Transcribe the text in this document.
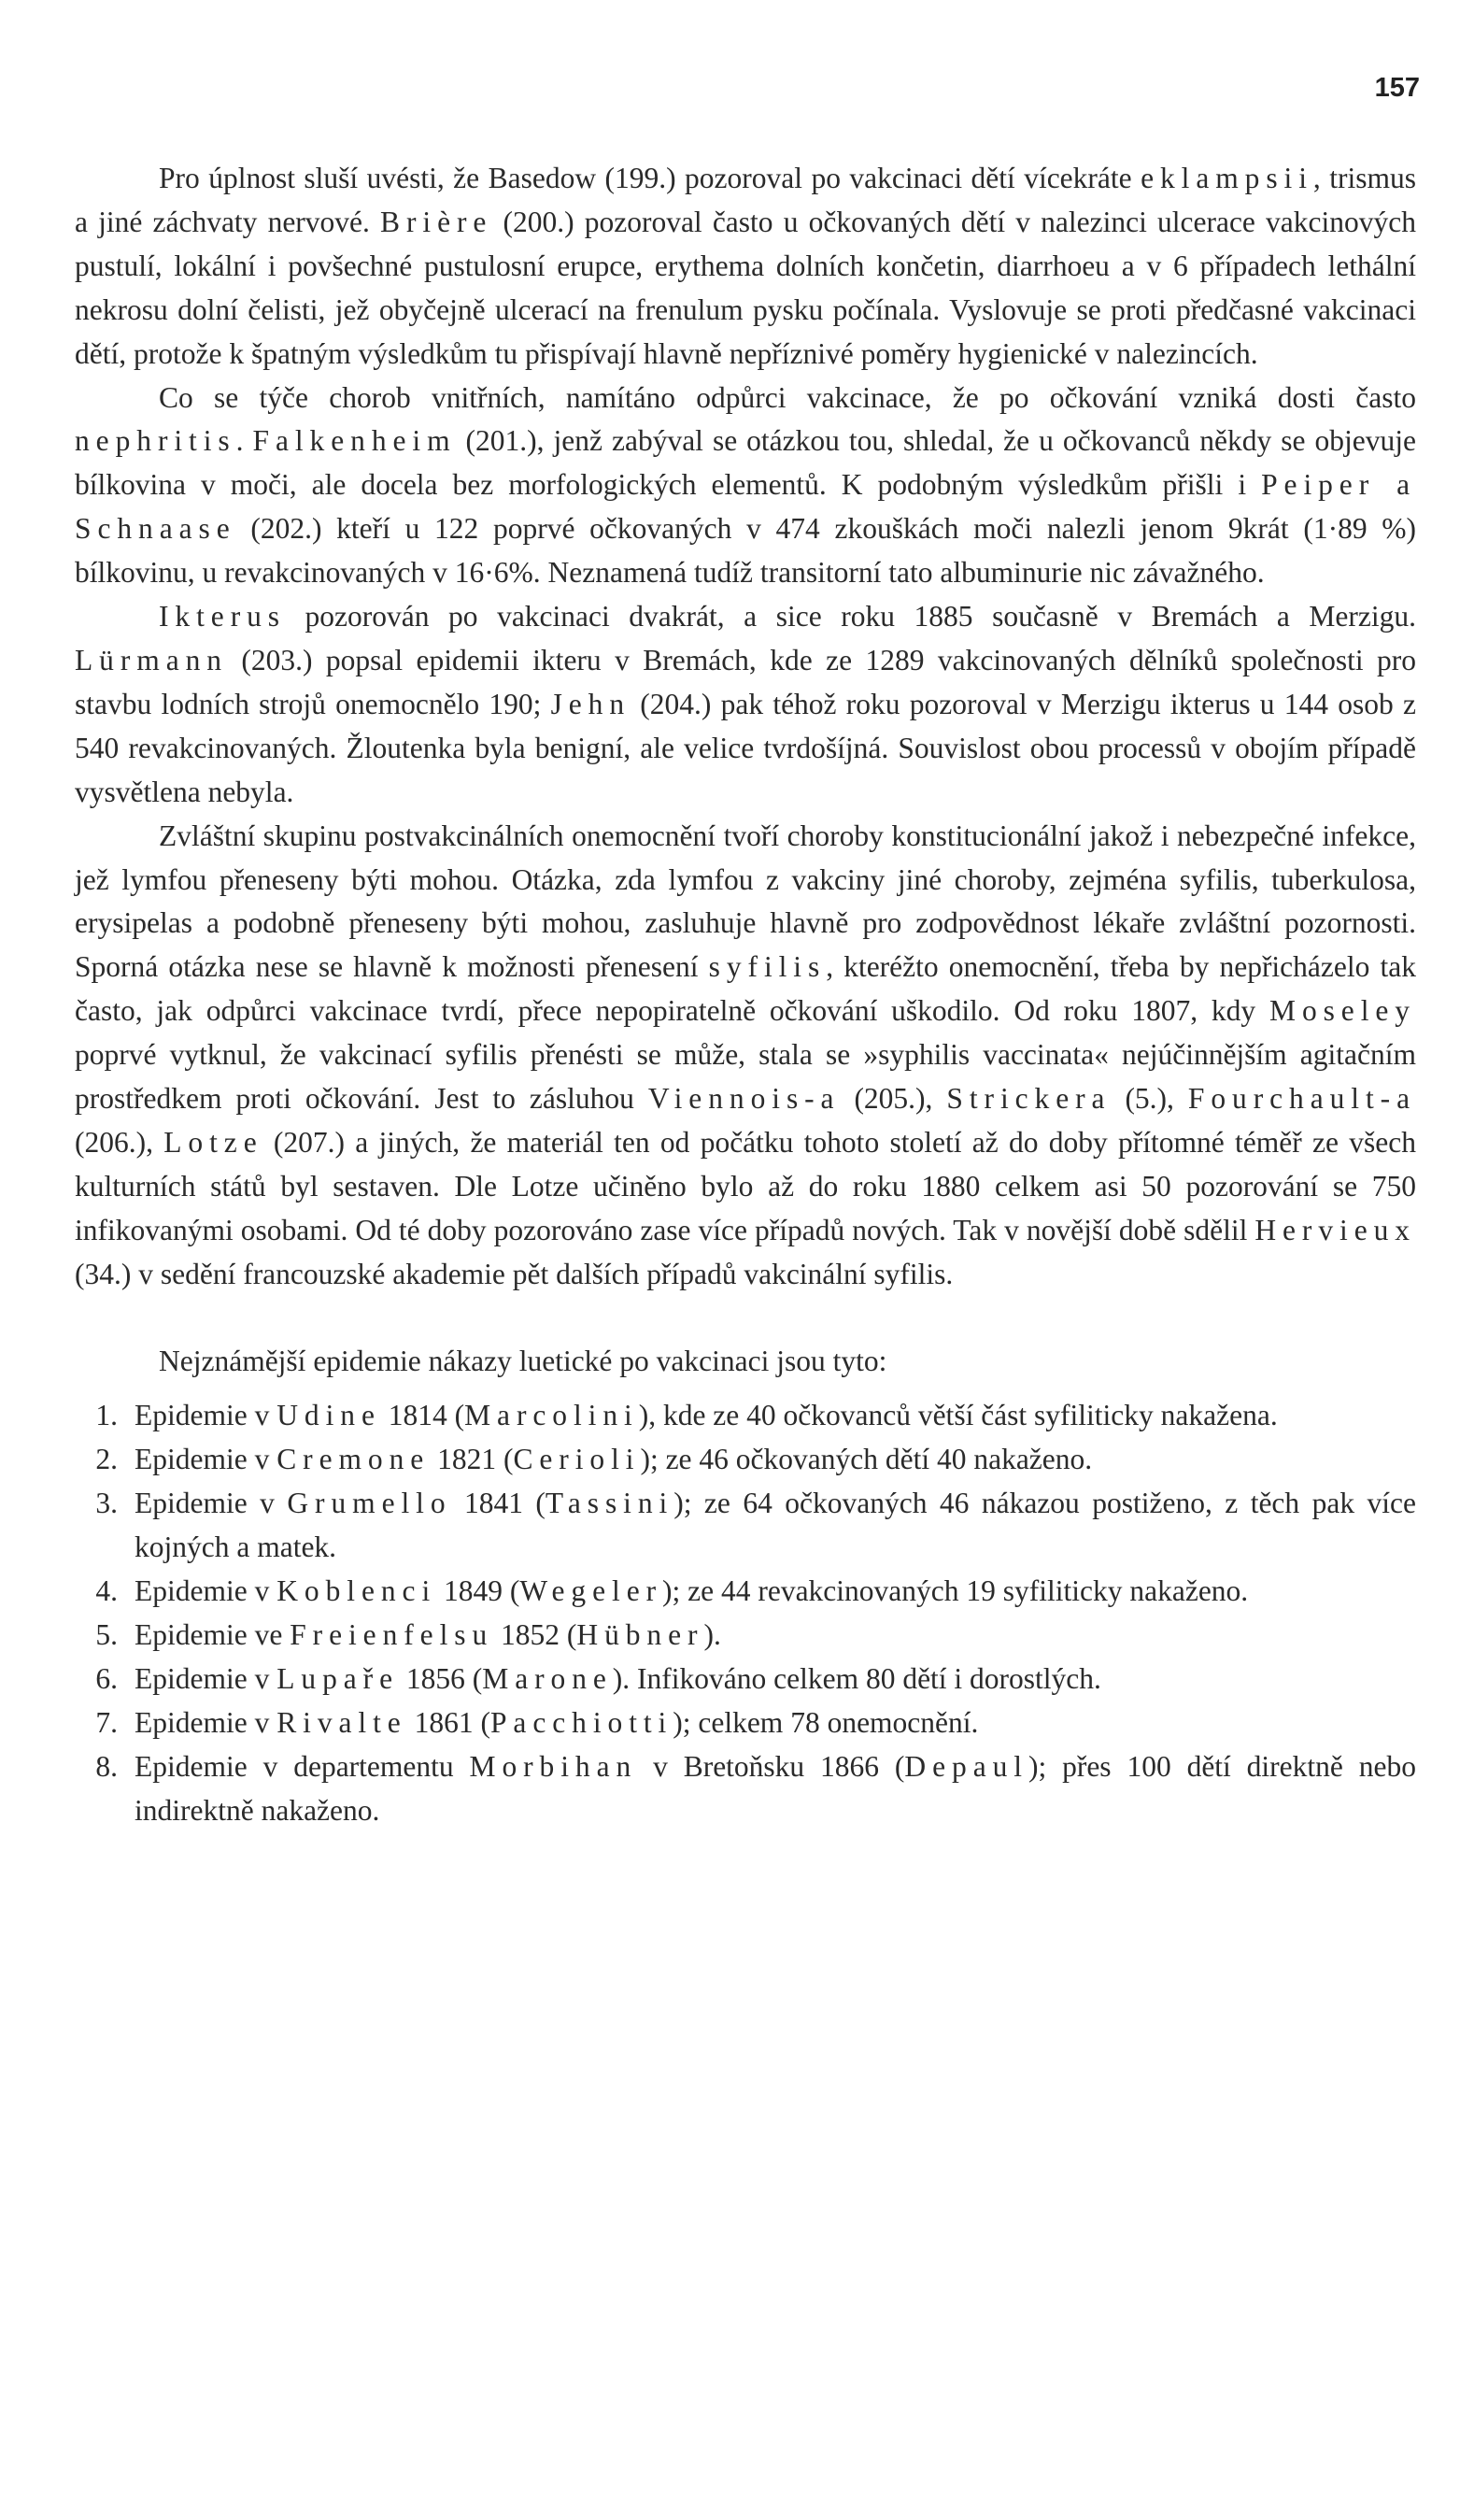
157

Pro úplnost sluší uvésti, že Basedow (199.) pozoroval po vakcinaci dětí vícekráte eklampsii, trismus a jiné záchvaty nervové. Brière (200.) pozoroval často u očkovaných dětí v nalezinci ulcerace vakcinových pustulí, lokální i povšechné pustulosní erupce, erythema dolních končetin, diarrhoeu a v 6 případech lethální nekrosu dolní čelisti, jež obyčejně ulcerací na frenulum pysku počínala. Vyslovuje se proti předčasné vakcinaci dětí, protože k špatným výsledkům tu přispívají hlavně nepříznivé poměry hygienické v nalezincích.

Co se týče chorob vnitřních, namítáno odpůrci vakcinace, že po očkování vzniká dosti často nephritis. Falkenheim (201.), jenž zabýval se otázkou tou, shledal, že u očkovanců někdy se objevuje bílkovina v moči, ale docela bez morfologických elementů. K podobným výsledkům přišli i Peiper a Schnaase (202.) kteří u 122 poprvé očkovaných v 474 zkouškách moči nalezli jenom 9krát (1·89 %) bílkovinu, u revakcinovaných v 16·6%. Neznamená tudíž transitorní tato albuminurie nic závažného.

Ikterus pozorován po vakcinaci dvakrát, a sice roku 1885 současně v Bremách a Merzigu. Lürmann (203.) popsal epidemii ikteru v Bremách, kde ze 1289 vakcinovaných dělníků společnosti pro stavbu lodních strojů onemocnělo 190; Jehn (204.) pak téhož roku pozoroval v Merzigu ikterus u 144 osob z 540 revakcinovaných. Žloutenka byla benigní, ale velice tvrdošíjná. Souvislost obou processů v obojím případě vysvětlena nebyla.

Zvláštní skupinu postvakcinálních onemocnění tvoří choroby konstitucionální jakož i nebezpečné infekce, jež lymfou přeneseny býti mohou. Otázka, zda lymfou z vakciny jiné choroby, zejména syfilis, tuberkulosa, erysipelas a podobně přeneseny býti mohou, zasluhuje hlavně pro zodpovědnost lékaře zvláštní pozornosti. Sporná otázka nese se hlavně k možnosti přenesení syfilis, kteréžto onemocnění, třeba by nepřicházelo tak často, jak odpůrci vakcinace tvrdí, přece nepopiratelně očkování uškodilo. Od roku 1807, kdy Moseley poprvé vytknul, že vakcinací syfilis přenésti se může, stala se »syphilis vaccinata« nejúčinnějším agitačním prostředkem proti očkování. Jest to zásluhou Viennois-a (205.), Strickera (5.), Fourchault-a (206.), Lotze (207.) a jiných, že materiál ten od počátku tohoto století až do doby přítomné téměř ze všech kulturních států byl sestaven. Dle Lotze učiněno bylo až do roku 1880 celkem asi 50 pozorování se 750 infikovanými osobami. Od té doby pozorováno zase více případů nových. Tak v novější době sdělil Hervieux (34.) v sedění francouzské akademie pět dalších případů vakcinální syfilis.

Nejznámější epidemie nákazy luetické po vakcinaci jsou tyto:

1. Epidemie v Udine 1814 (Marcolini), kde ze 40 očkovanců větší část syfiliticky nakažena.
2. Epidemie v Cremone 1821 (Cerioli); ze 46 očkovaných dětí 40 nakaženo.
3. Epidemie v Grumello 1841 (Tassini); ze 64 očkovaných 46 nákazou postiženo, z těch pak více kojných a matek.
4. Epidemie v Koblenci 1849 (Wegeler); ze 44 revakcinovaných 19 syfiliticky nakaženo.
5. Epidemie ve Freienfelsu 1852 (Hübner).
6. Epidemie v Lupaře 1856 (Marone). Infikováno celkem 80 dětí i dorostlých.
7. Epidemie v Rivalte 1861 (Pacchiotti); celkem 78 onemocnění.
8. Epidemie v departementu Morbihan v Bretoňsku 1866 (Depaul); přes 100 dětí direktně nebo indirektně nakaženo.
